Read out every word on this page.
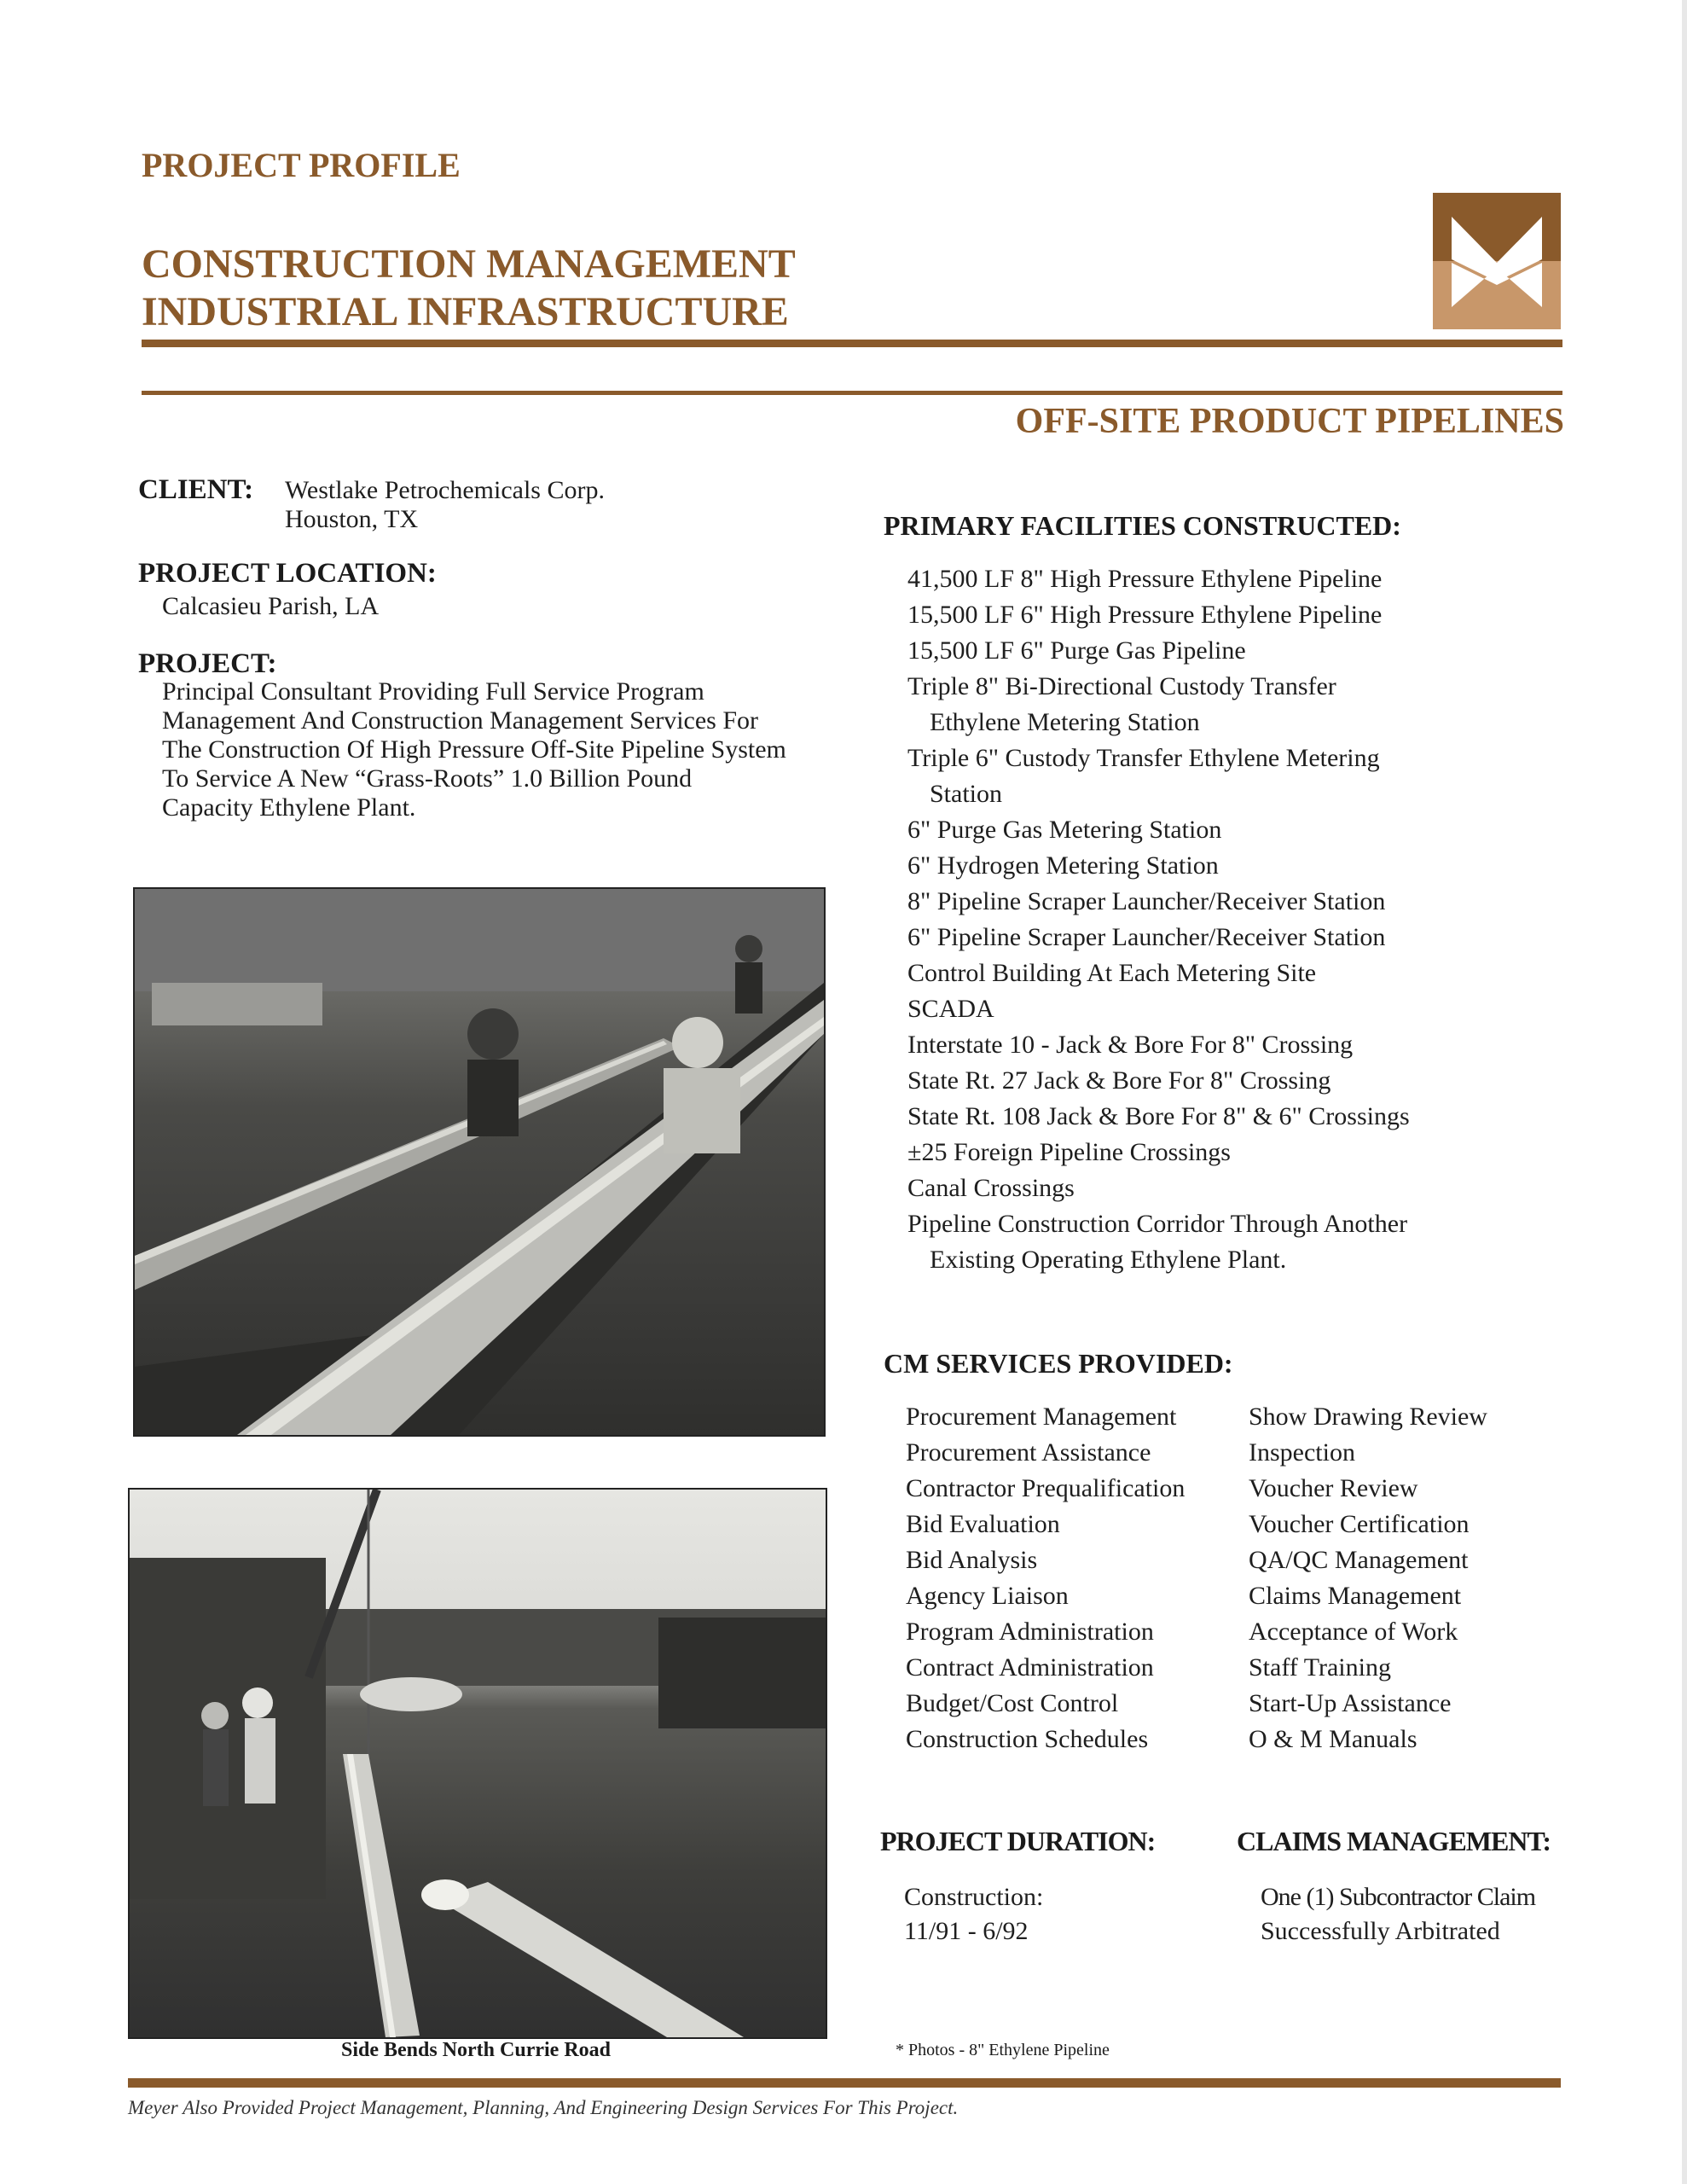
PROJECT PROFILE
CONSTRUCTION MANAGEMENT
INDUSTRIAL INFRASTRUCTURE
OFF-SITE PRODUCT PIPELINES
CLIENT: Westlake Petrochemicals Corp.
Houston, TX
PROJECT LOCATION:
Calcasieu Parish, LA
PROJECT:
Principal Consultant Providing Full Service Program
Management And Construction Management Services For
The Construction Of High Pressure Off-Site Pipeline System
To Service A New “Grass-Roots” 1.0 Billion Pound
Capacity Ethylene Plant.
Side Bends North Currie Road
PRIMARY FACILITIES CONSTRUCTED:
41,500 LF 8" High Pressure Ethylene Pipeline
15,500 LF 6" High Pressure Ethylene Pipeline
15,500 LF 6" Purge Gas Pipeline
Triple 8" Bi-Directional Custody Transfer
Ethylene Metering Station
Triple 6" Custody Transfer Ethylene Metering
Station
6" Purge Gas Metering Station
6" Hydrogen Metering Station
8" Pipeline Scraper Launcher/Receiver Station
6" Pipeline Scraper Launcher/Receiver Station
Control Building At Each Metering Site
SCADA
Interstate 10 - Jack & Bore For 8" Crossing
State Rt. 27 Jack & Bore For 8" Crossing
State Rt. 108 Jack & Bore For 8" & 6" Crossings
±25 Foreign Pipeline Crossings
Canal Crossings
Pipeline Construction Corridor Through Another
Existing Operating Ethylene Plant.
CM SERVICES PROVIDED:
Procurement Management
Procurement Assistance
Contractor Prequalification
Bid Evaluation
Bid Analysis
Agency Liaison
Program Administration
Contract Administration
Budget/Cost Control
Construction Schedules
Show Drawing Review
Inspection
Voucher Review
Voucher Certification
QA/QC Management
Claims Management
Acceptance of Work
Staff Training
Start-Up Assistance
O & M Manuals
PROJECT DURATION:
Construction:
11/91 - 6/92
CLAIMS MANAGEMENT:
One (1) Subcontractor Claim
Successfully Arbitrated
* Photos - 8" Ethylene Pipeline
Meyer Also Provided Project Management, Planning, And Engineering Design Services For This Project.
